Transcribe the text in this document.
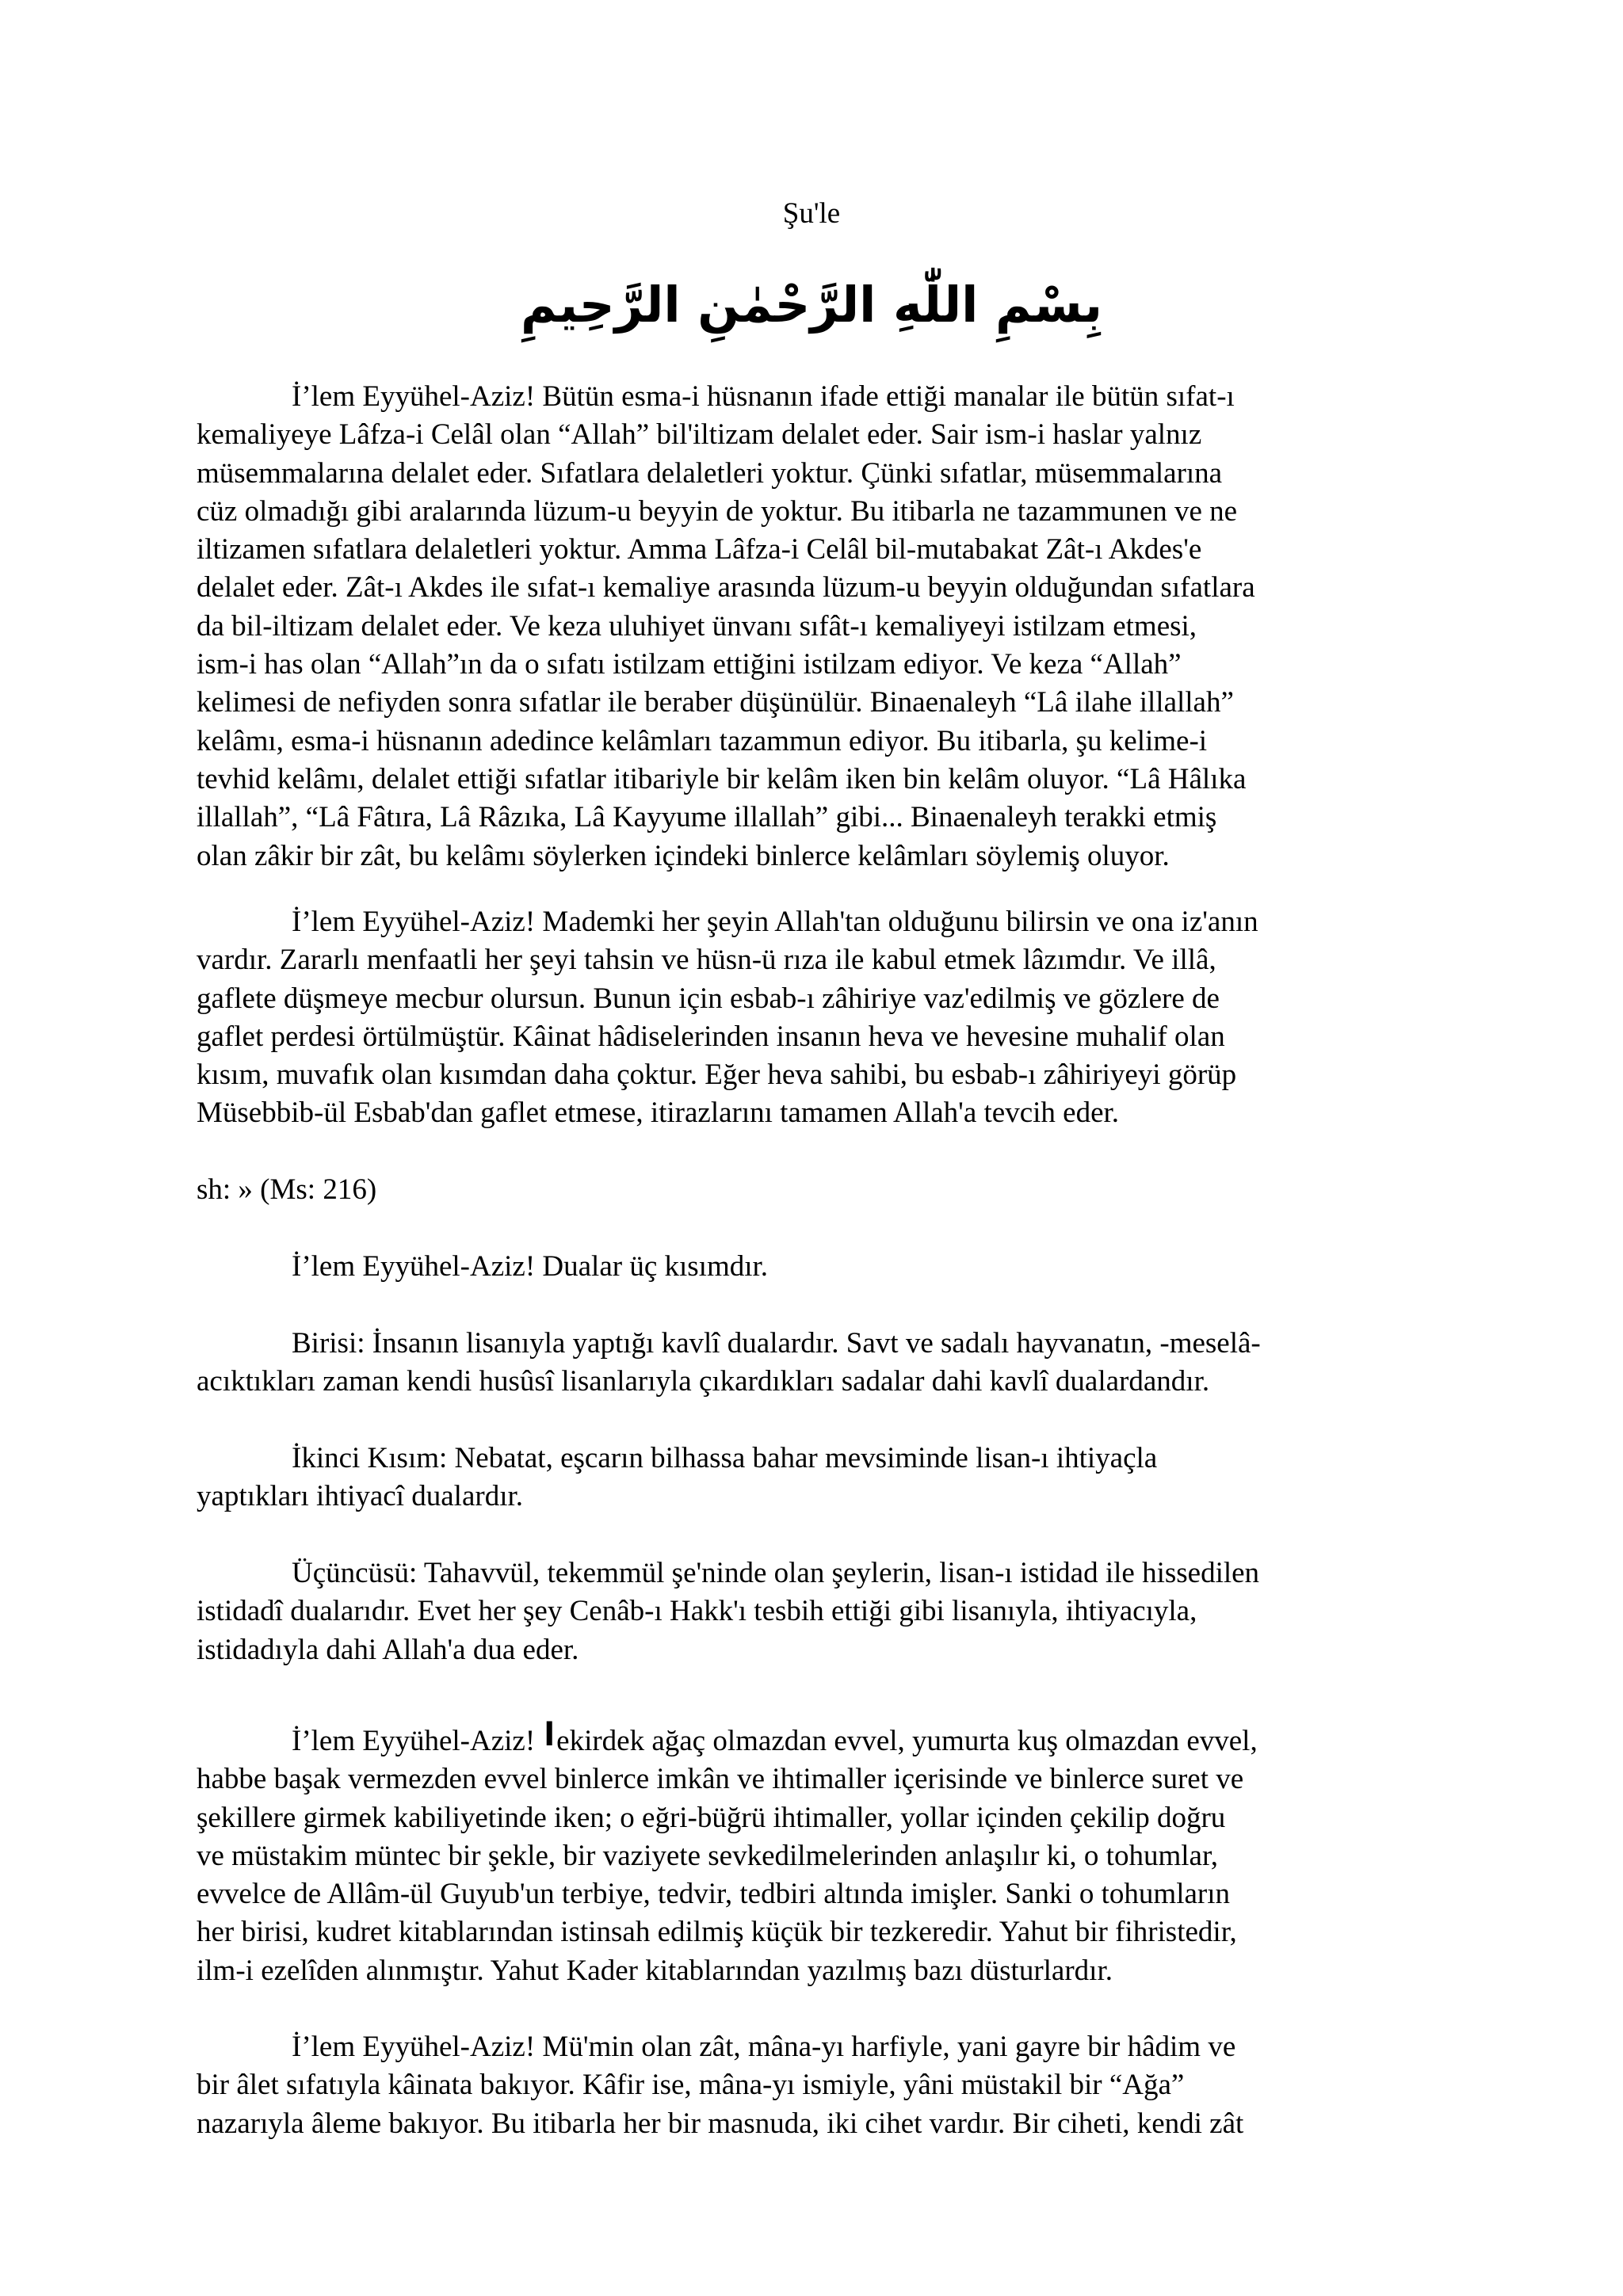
Şu'le
بِسْمِ اللّٰهِ الرَّحْمٰنِ الرَّحِيمِ
İ’lem Eyyühel-Aziz! Bütün esma-i hüsnanın ifade ettiği manalar ile bütün sıfat-ı
kemaliyeye Lâfza-i Celâl olan “Allah” bil'iltizam delalet eder. Sair ism-i haslar yalnız
müsemmalarına delalet eder. Sıfatlara delaletleri yoktur. Çünki sıfatlar, müsemmalarına
cüz olmadığı gibi aralarında lüzum-u beyyin de yoktur. Bu itibarla ne tazammunen ve ne
iltizamen sıfatlara delaletleri yoktur. Amma Lâfza-i Celâl bil-mutabakat Zât-ı Akdes'e
delalet eder. Zât-ı Akdes ile sıfat-ı kemaliye arasında lüzum-u beyyin olduğundan sıfatlara
da bil-iltizam delalet eder. Ve keza uluhiyet ünvanı sıfât-ı kemaliyeyi istilzam etmesi,
ism-i has olan “Allah”ın da o sıfatı istilzam ettiğini istilzam ediyor. Ve keza “Allah”
kelimesi de nefiyden sonra sıfatlar ile beraber düşünülür. Binaenaleyh “Lâ ilahe illallah”
kelâmı, esma-i hüsnanın adedince kelâmları tazammun ediyor. Bu itibarla, şu kelime-i
tevhid kelâmı, delalet ettiği sıfatlar itibariyle bir kelâm iken bin kelâm oluyor. “Lâ Hâlıka
illallah”, “Lâ Fâtıra, Lâ Râzıka, Lâ Kayyume illallah” gibi... Binaenaleyh terakki etmiş
olan zâkir bir zât, bu kelâmı söylerken içindeki binlerce kelâmları söylemiş oluyor.
İ’lem Eyyühel-Aziz! Mademki her şeyin Allah'tan olduğunu bilirsin ve ona iz'anın
vardır. Zararlı menfaatli her şeyi tahsin ve hüsn-ü rıza ile kabul etmek lâzımdır. Ve illâ,
gaflete düşmeye mecbur olursun. Bunun için esbab-ı zâhiriye vaz'edilmiş ve gözlere de
gaflet perdesi örtülmüştür. Kâinat hâdiselerinden insanın heva ve hevesine muhalif olan
kısım, muvafık olan kısımdan daha çoktur. Eğer heva sahibi, bu esbab-ı zâhiriyeyi görüp
Müsebbib-ül Esbab'dan gaflet etmese, itirazlarını tamamen Allah'a tevcih eder.
sh: » (Ms: 216)
İ’lem Eyyühel-Aziz! Dualar üç kısımdır.
Birisi: İnsanın lisanıyla yaptığı kavlî dualardır. Savt ve sadalı hayvanatın, -meselâ-
acıktıkları zaman kendi husûsî lisanlarıyla çıkardıkları sadalar dahi kavlî dualardandır.
İkinci Kısım: Nebatat, eşcarın bilhassa bahar mevsiminde lisan-ı ihtiyaçla
yaptıkları ihtiyacî dualardır.
Üçüncüsü: Tahavvül, tekemmül şe'ninde olan şeylerin, lisan-ı istidad ile hissedilen
istidadî dualarıdır. Evet her şey Cenâb-ı Hakk'ı tesbih ettiği gibi lisanıyla, ihtiyacıyla,
istidadıyla dahi Allah'a dua eder.
İ’lem Eyyühel-Aziz! اekirdek ağaç olmazdan evvel, yumurta kuş olmazdan evvel,
habbe başak vermezden evvel binlerce imkân ve ihtimaller içerisinde ve binlerce suret ve
şekillere girmek kabiliyetinde iken; o eğri-büğrü ihtimaller, yollar içinden çekilip doğru
ve müstakim müntec bir şekle, bir vaziyete sevkedilmelerinden anlaşılır ki, o tohumlar,
evvelce de Allâm-ül Guyub'un terbiye, tedvir, tedbiri altında imişler. Sanki o tohumların
her birisi, kudret kitablarından istinsah edilmiş küçük bir tezkeredir. Yahut bir fihristedir,
ilm-i ezelîden alınmıştır. Yahut Kader kitablarından yazılmış bazı düsturlardır.
İ’lem Eyyühel-Aziz! Mü'min olan zât, mâna-yı harfiyle, yani gayre bir hâdim ve
bir âlet sıfatıyla kâinata bakıyor. Kâfir ise, mâna-yı ismiyle, yâni müstakil bir “Ağa”
nazarıyla âleme bakıyor. Bu itibarla her bir masnuda, iki cihet vardır. Bir ciheti, kendi zât
